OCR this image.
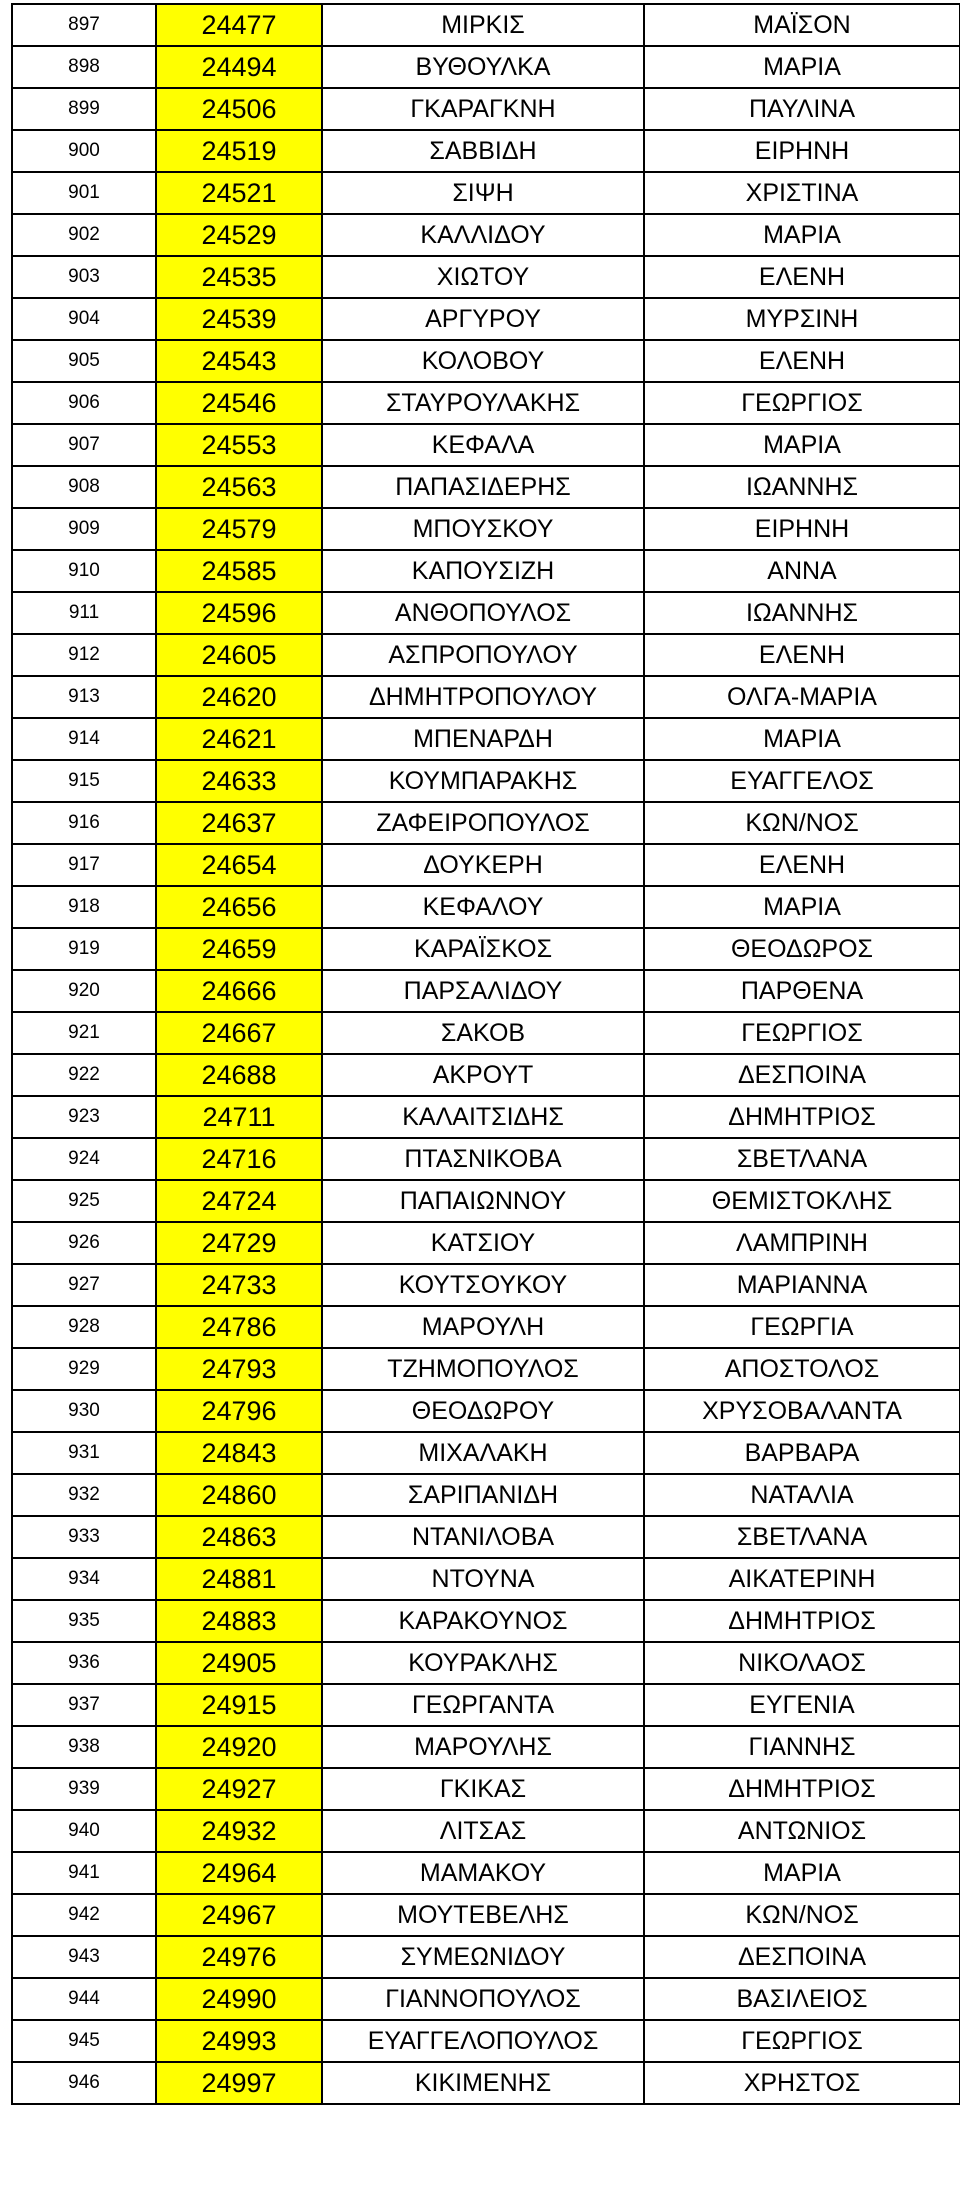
897	24477	ΜΙΡΚΙΣ	ΜΑΪΣΟΝ
898	24494	ΒΥΘΟΥΛΚΑ	ΜΑΡΙΑ
899	24506	ΓΚΑΡΑΓΚΝΗ	ΠΑΥΛΙΝΑ
900	24519	ΣΑΒΒΙΔΗ	ΕΙΡΗΝΗ
901	24521	ΣΙΨΗ	ΧΡΙΣΤΙΝΑ
902	24529	ΚΑΛΛΙΔΟΥ	ΜΑΡΙΑ
903	24535	ΧΙΩΤΟΥ	ΕΛΕΝΗ
904	24539	ΑΡΓΥΡΟΥ	ΜΥΡΣΙΝΗ
905	24543	ΚΟΛΟΒΟΥ	ΕΛΕΝΗ
906	24546	ΣΤΑΥΡΟΥΛΑΚΗΣ	ΓΕΩΡΓΙΟΣ
907	24553	ΚΕΦΑΛΑ	ΜΑΡΙΑ
908	24563	ΠΑΠΑΣΙΔΕΡΗΣ	ΙΩΑΝΝΗΣ
909	24579	ΜΠΟΥΣΚΟΥ	ΕΙΡΗΝΗ
910	24585	ΚΑΠΟΥΣΙΖΗ	ΑΝΝΑ
911	24596	ΑΝΘΟΠΟΥΛΟΣ	ΙΩΑΝΝΗΣ
912	24605	ΑΣΠΡΟΠΟΥΛΟΥ	ΕΛΕΝΗ
913	24620	ΔΗΜΗΤΡΟΠΟΥΛΟΥ	ΟΛΓΑ-ΜΑΡΙΑ
914	24621	ΜΠΕΝΑΡΔΗ	ΜΑΡΙΑ
915	24633	ΚΟΥΜΠΑΡΑΚΗΣ	ΕΥΑΓΓΕΛΟΣ
916	24637	ΖΑΦΕΙΡΟΠΟΥΛΟΣ	ΚΩΝ/ΝΟΣ
917	24654	ΔΟΥΚΕΡΗ	ΕΛΕΝΗ
918	24656	ΚΕΦΑΛΟΥ	ΜΑΡΙΑ
919	24659	ΚΑΡΑΪΣΚΟΣ	ΘΕΟΔΩΡΟΣ
920	24666	ΠΑΡΣΑΛΙΔΟΥ	ΠΑΡΘΕΝΑ
921	24667	ΣΑΚΟΒ	ΓΕΩΡΓΙΟΣ
922	24688	ΑΚΡΟΥΤ	ΔΕΣΠΟΙΝΑ
923	24711	ΚΑΛΑΙΤΣΙΔΗΣ	ΔΗΜΗΤΡΙΟΣ
924	24716	ΠΤΑΣΝΙΚΟΒΑ	ΣΒΕΤΛΑΝΑ
925	24724	ΠΑΠΑΙΩΝΝΟΥ	ΘΕΜΙΣΤΟΚΛΗΣ
926	24729	ΚΑΤΣΙΟΥ	ΛΑΜΠΡΙΝΗ
927	24733	ΚΟΥΤΣΟΥΚΟΥ	ΜΑΡΙΑΝΝΑ
928	24786	ΜΑΡΟΥΛΗ	ΓΕΩΡΓΙΑ
929	24793	ΤΖΗΜΟΠΟΥΛΟΣ	ΑΠΟΣΤΟΛΟΣ
930	24796	ΘΕΟΔΩΡΟΥ	ΧΡΥΣΟΒΑΛΑΝΤΑ
931	24843	ΜΙΧΑΛΑΚΗ	ΒΑΡΒΑΡΑ
932	24860	ΣΑΡΙΠΑΝΙΔΗ	ΝΑΤΑΛΙΑ
933	24863	ΝΤΑΝΙΛΟΒΑ	ΣΒΕΤΛΑΝΑ
934	24881	ΝΤΟΥΝΑ	ΑΙΚΑΤΕΡΙΝΗ
935	24883	ΚΑΡΑΚΟΥΝΟΣ	ΔΗΜΗΤΡΙΟΣ
936	24905	ΚΟΥΡΑΚΛΗΣ	ΝΙΚΟΛΑΟΣ
937	24915	ΓΕΩΡΓΑΝΤΑ	ΕΥΓΕΝΙΑ
938	24920	ΜΑΡΟΥΛΗΣ	ΓΙΑΝΝΗΣ
939	24927	ΓΚΙΚΑΣ	ΔΗΜΗΤΡΙΟΣ
940	24932	ΛΙΤΣΑΣ	ΑΝΤΩΝΙΟΣ
941	24964	ΜΑΜΑΚΟΥ	ΜΑΡΙΑ
942	24967	ΜΟΥΤΕΒΕΛΗΣ	ΚΩΝ/ΝΟΣ
943	24976	ΣΥΜΕΩΝΙΔΟΥ	ΔΕΣΠΟΙΝΑ
944	24990	ΓΙΑΝΝΟΠΟΥΛΟΣ	ΒΑΣΙΛΕΙΟΣ
945	24993	ΕΥΑΓΓΕΛΟΠΟΥΛΟΣ	ΓΕΩΡΓΙΟΣ
946	24997	ΚΙΚΙΜΕΝΗΣ	ΧΡΗΣΤΟΣ
